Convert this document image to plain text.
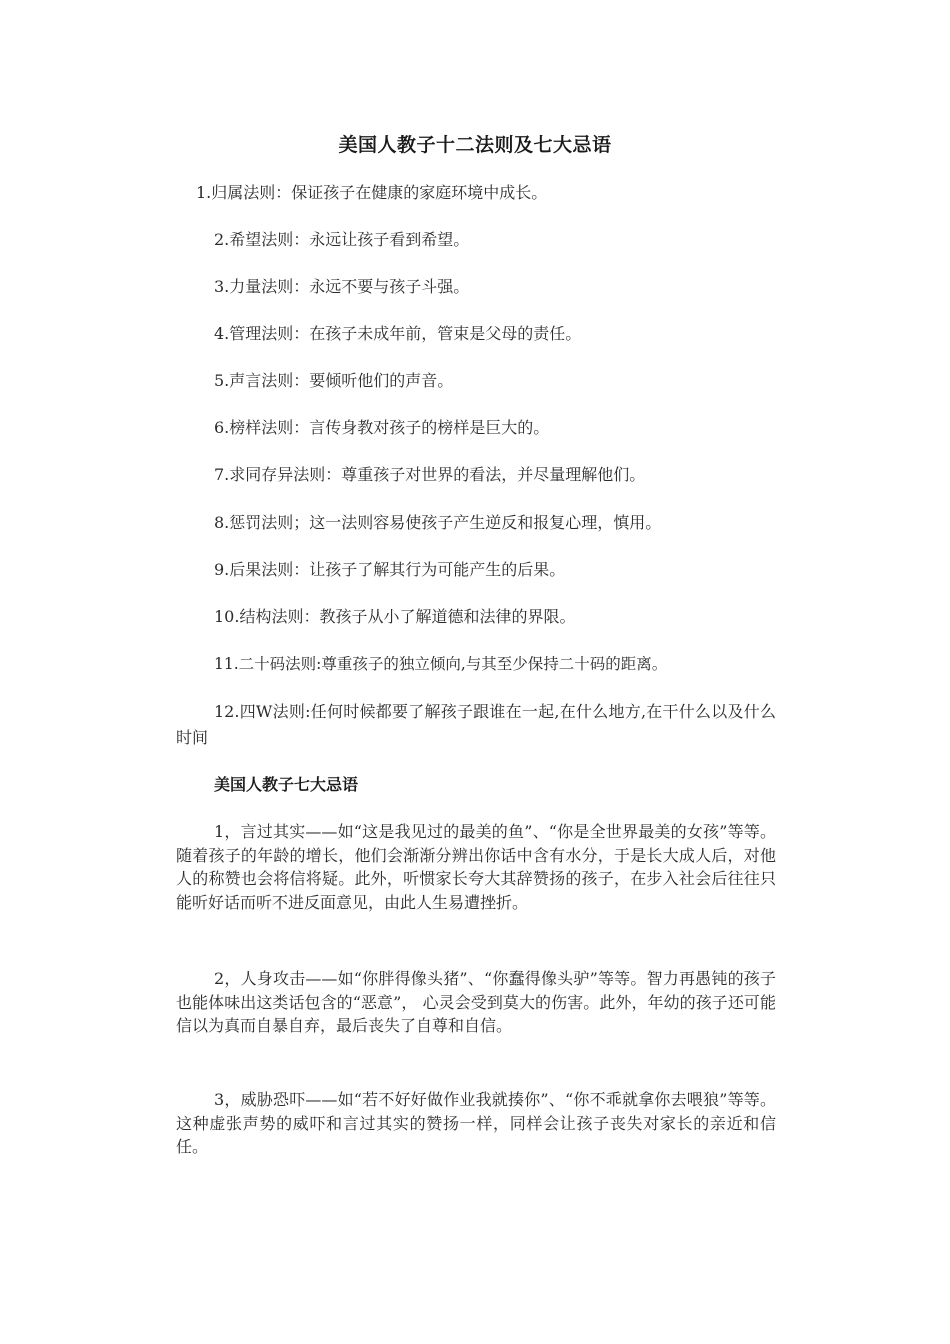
美国人教子十二法则及七大忌语
1.归属法则：保证孩子在健康的家庭环境中成长。
2.希望法则：永远让孩子看到希望。
3.力量法则：永远不要与孩子斗强。
4.管理法则：在孩子未成年前，管束是父母的责任。
5.声言法则：要倾听他们的声音。
6.榜样法则：言传身教对孩子的榜样是巨大的。
7.求同存异法则：尊重孩子对世界的看法，并尽量理解他们。
8.惩罚法则；这一法则容易使孩子产生逆反和报复心理，慎用。
9.后果法则：让孩子了解其行为可能产生的后果。
10.结构法则：教孩子从小了解道德和法律的界限。
11.二十码法则:尊重孩子的独立倾向,与其至少保持二十码的距离。
12.四W法则:任何时候都要了解孩子跟谁在一起,在什么地方,在干什么以及什么时间
美国人教子七大忌语
1，言过其实——如“这是我见过的最美的鱼”、“你是全世界最美的女孩”等等。随着孩子的年龄的增长，他们会渐渐分辨出你话中含有水分，于是长大成人后，对他人的称赞也会将信将疑。此外，听惯家长夸大其辞赞扬的孩子，在步入社会后往往只能听好话而听不进反面意见，由此人生易遭挫折。
2，人身攻击——如“你胖得像头猪”、“你蠢得像头驴”等等。智力再愚钝的孩子也能体味出这类话包含的“恶意”， 心灵会受到莫大的伤害。此外，年幼的孩子还可能信以为真而自暴自弃，最后丧失了自尊和自信。
3，威胁恐吓——如“若不好好做作业我就揍你”、“你不乖就拿你去喂狼”等等。这种虚张声势的威吓和言过其实的赞扬一样，同样会让孩子丧失对家长的亲近和信任。
